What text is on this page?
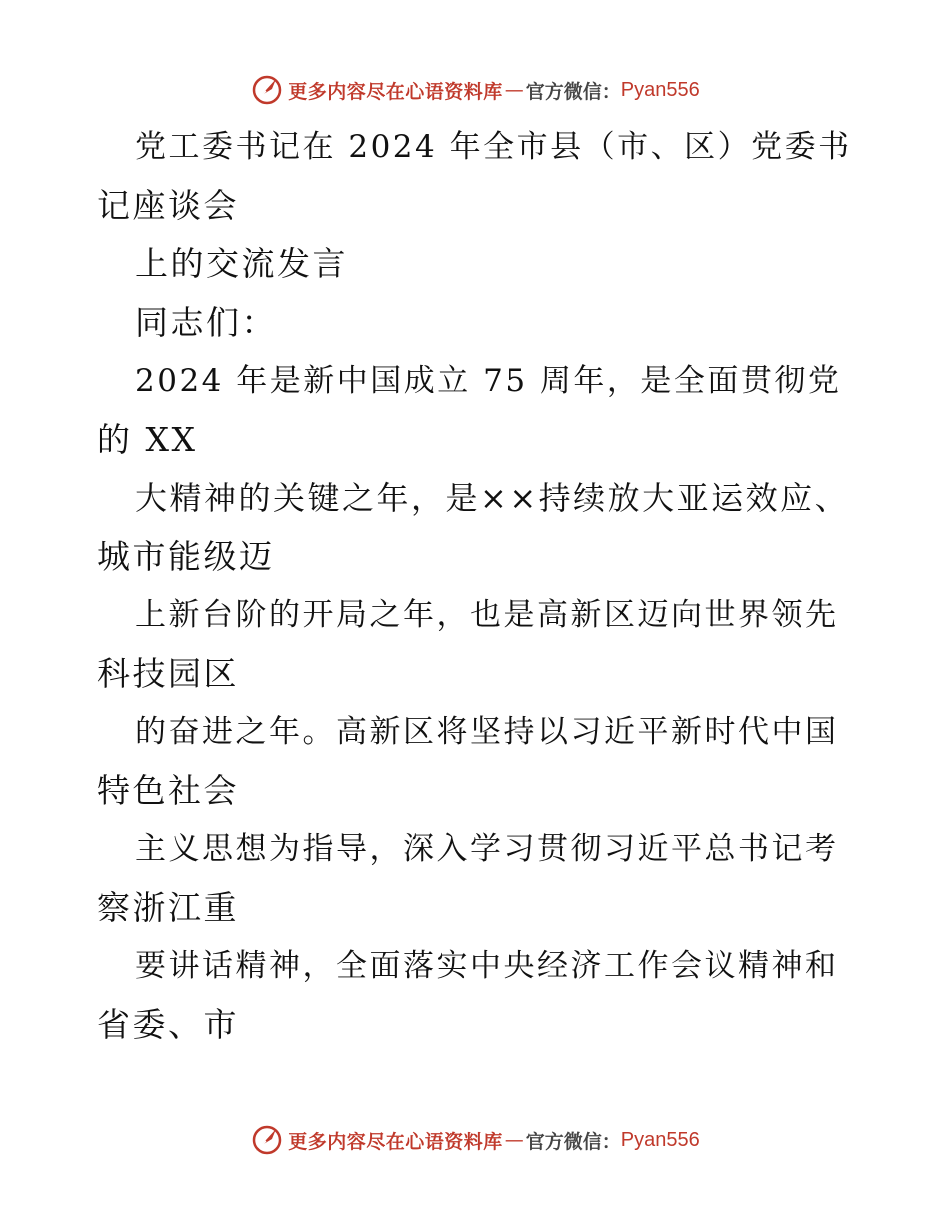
更多内容尽在心语资料库 — 官方微信： Pyan556
党工委书记在 2024 年全市县（市、区）党委书
记座谈会
上的交流发言
同志们：
2024 年是新中国成立 75 周年，是全面贯彻党
的 XX
大精神的关键之年，是××持续放大亚运效应、
城市能级迈
上新台阶的开局之年，也是高新区迈向世界领先
科技园区
的奋进之年。高新区将坚持以习近平新时代中国
特色社会
主义思想为指导，深入学习贯彻习近平总书记考
察浙江重
要讲话精神，全面落实中央经济工作会议精神和
省委、市
更多内容尽在心语资料库 — 官方微信： Pyan556
